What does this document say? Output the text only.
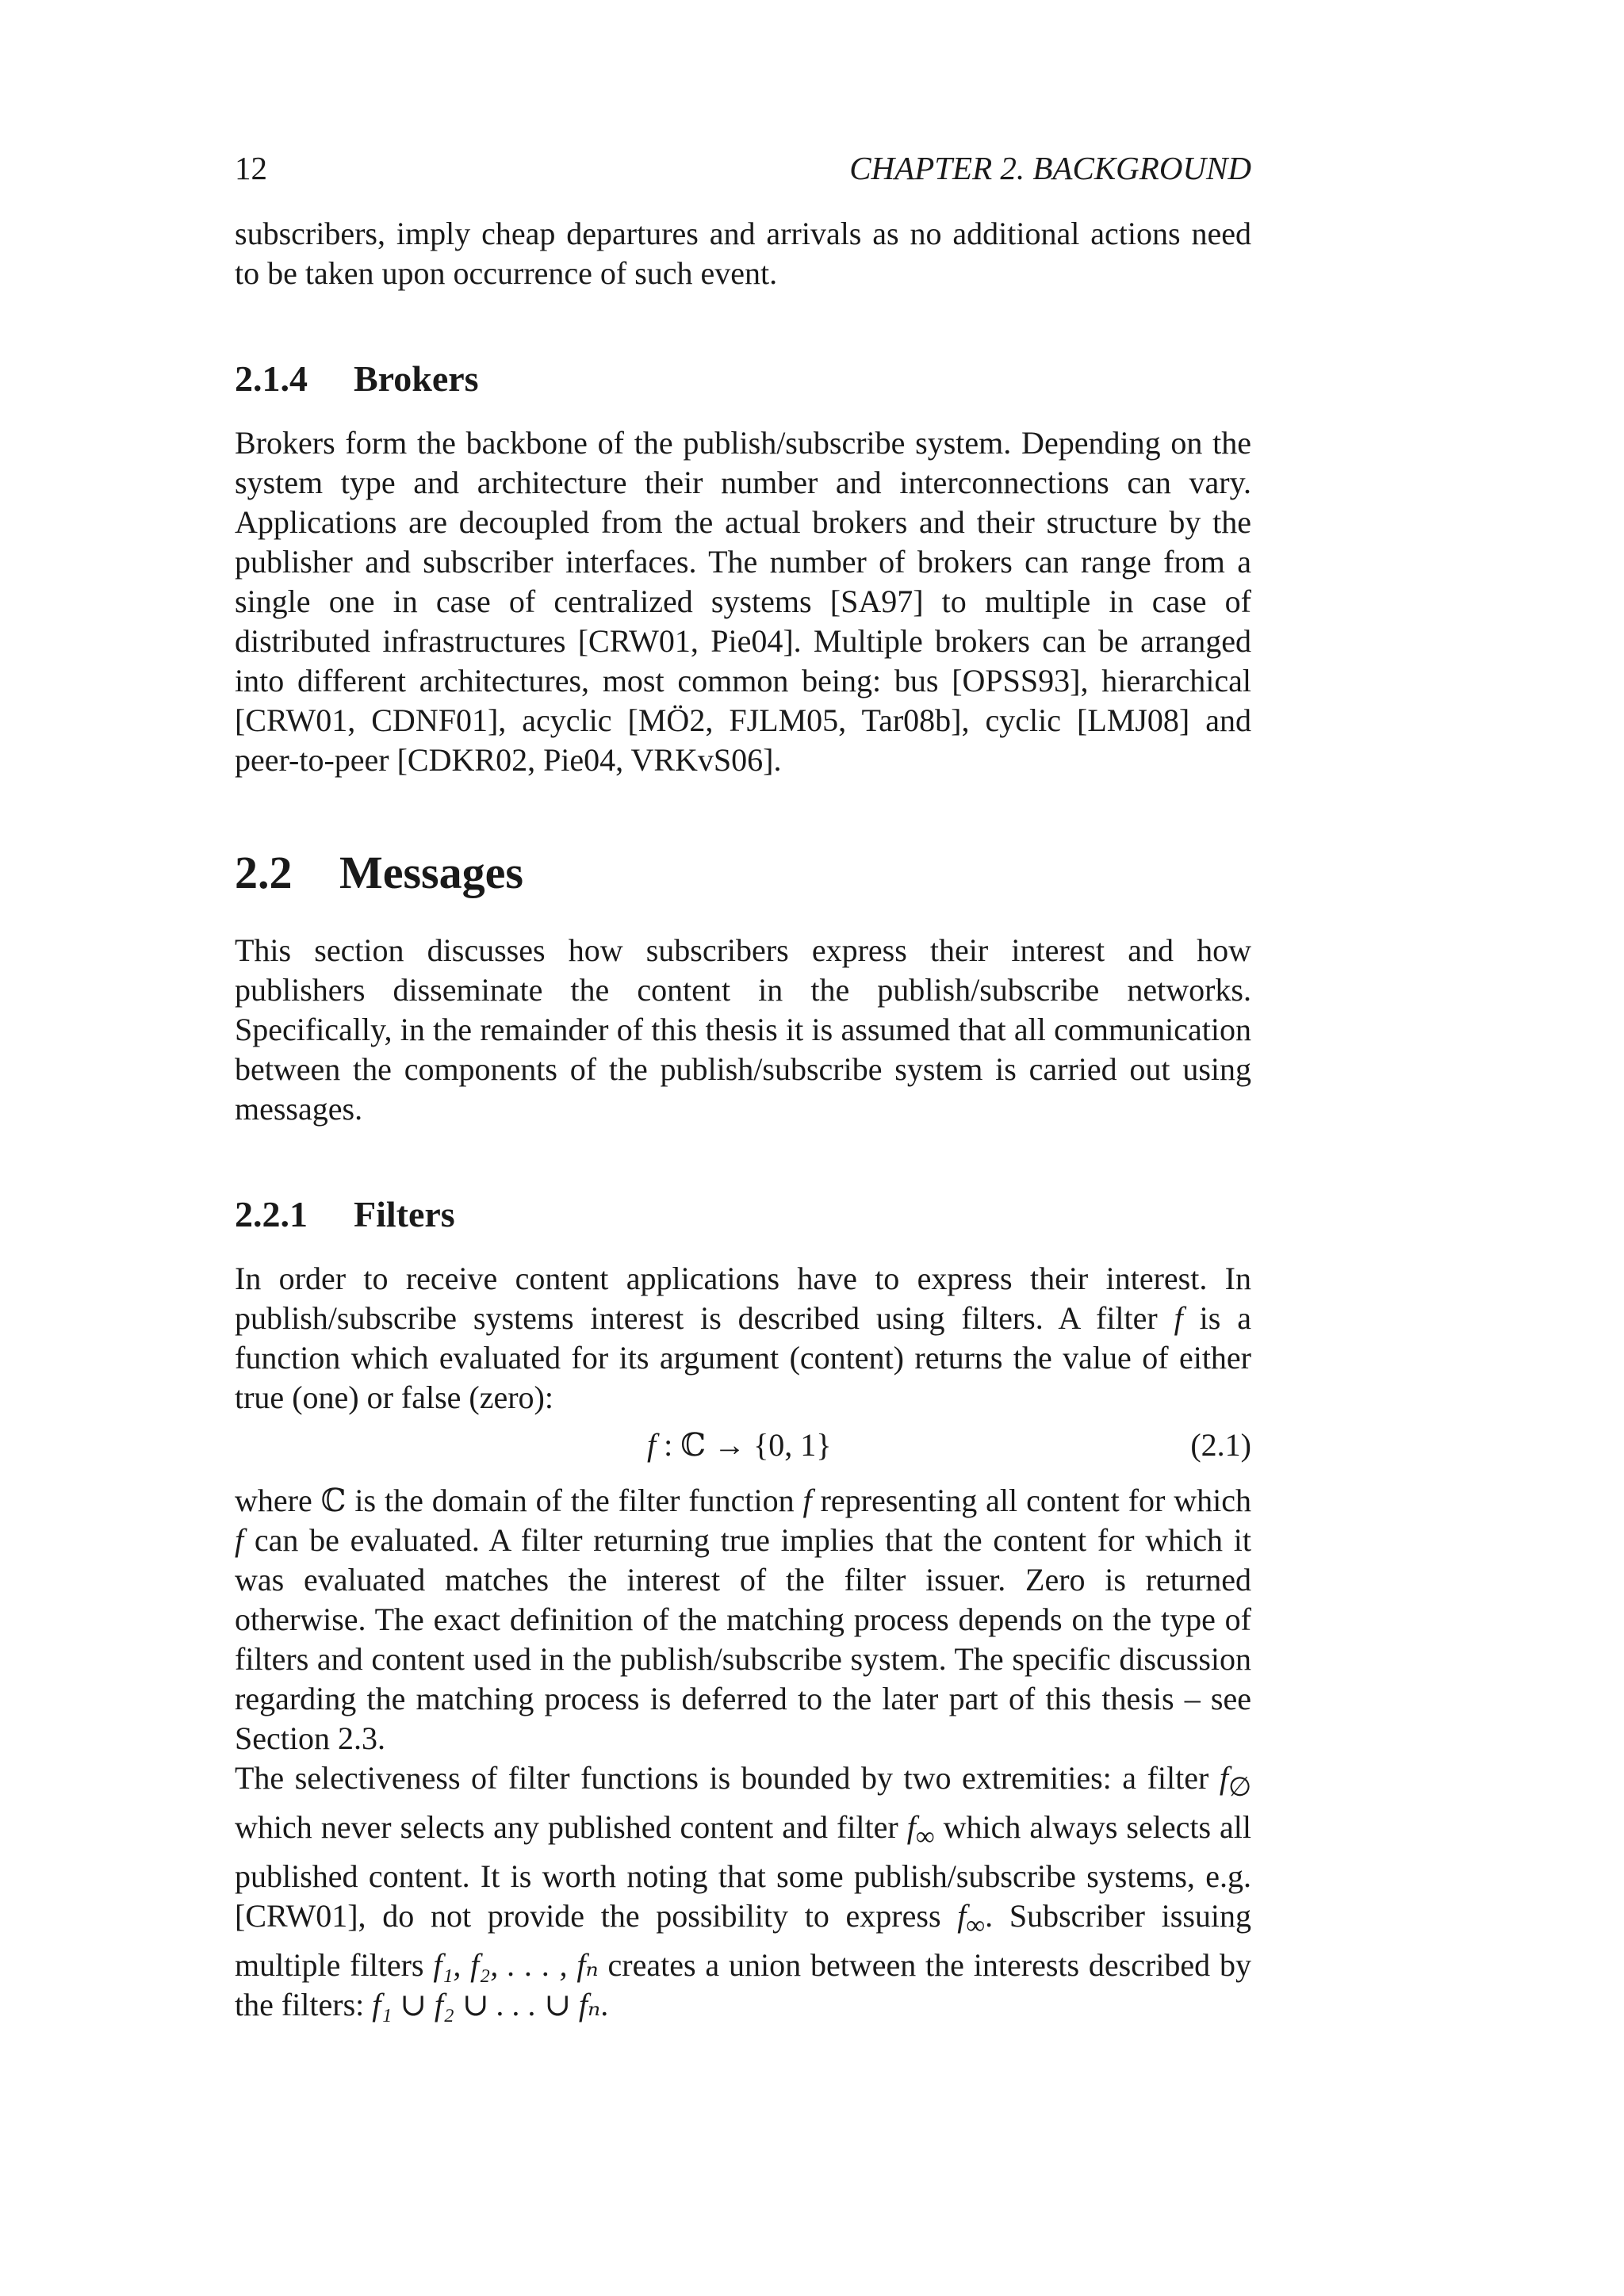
12	CHAPTER 2. BACKGROUND

subscribers, imply cheap departures and arrivals as no additional actions need to be taken upon occurrence of such event.

2.1.4 Brokers

Brokers form the backbone of the publish/subscribe system. Depending on the system type and architecture their number and interconnections can vary. Applications are decoupled from the actual brokers and their structure by the publisher and subscriber interfaces. The number of brokers can range from a single one in case of centralized systems [SA97] to multiple in case of distributed infrastructures [CRW01, Pie04]. Multiple brokers can be arranged into different architectures, most common being: bus [OPSS93], hierarchical [CRW01, CDNF01], acyclic [MÖ2, FJLM05, Tar08b], cyclic [LMJ08] and peer-to-peer [CDKR02, Pie04, VRKvS06].

2.2 Messages

This section discusses how subscribers express their interest and how publishers disseminate the content in the publish/subscribe networks. Specifically, in the remainder of this thesis it is assumed that all communication between the components of the publish/subscribe system is carried out using messages.

2.2.1 Filters

In order to receive content applications have to express their interest. In publish/subscribe systems interest is described using filters. A filter f is a function which evaluated for its argument (content) returns the value of either true (one) or false (zero):

f : ℂ → {0, 1}	(2.1)

where ℂ is the domain of the filter function f representing all content for which f can be evaluated. A filter returning true implies that the content for which it was evaluated matches the interest of the filter issuer. Zero is returned otherwise. The exact definition of the matching process depends on the type of filters and content used in the publish/subscribe system. The specific discussion regarding the matching process is deferred to the later part of this thesis – see Section 2.3.

The selectiveness of filter functions is bounded by two extremities: a filter $f_\emptyset$ which never selects any published content and filter $f_\infty$ which always selects all published content. It is worth noting that some publish/subscribe systems, e.g. [CRW01], do not provide the possibility to express $f_\infty$. Subscriber issuing multiple filters f₁, f₂, . . . , fₙ creates a union between the interests described by the filters: f₁ ∪ f₂ ∪ . . . ∪ fₙ.
